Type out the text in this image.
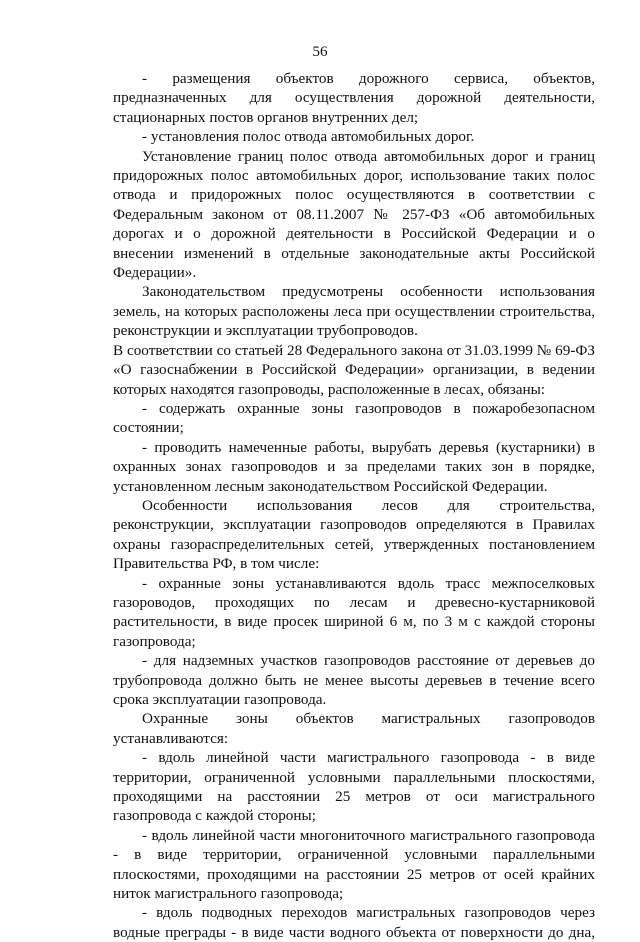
56

- размещения объектов дорожного сервиса, объектов, предназначенных для осуществления дорожной деятельности, стационарных постов органов внутренних дел;

- установления полос отвода автомобильных дорог.

Установление границ полос отвода автомобильных дорог и границ придорожных полос автомобильных дорог, использование таких полос отвода и придорожных полос осуществляются в соответствии с Федеральным законом от 08.11.2007 № 257-ФЗ «Об автомобильных дорогах и о дорожной деятельности в Российской Федерации и о внесении изменений в отдельные законодательные акты Российской Федерации».

Законодательством предусмотрены особенности использования земель, на которых расположены леса при осуществлении строительства, реконструкции и эксплуатации трубопроводов.

В соответствии со статьей 28 Федерального закона от 31.03.1999 № 69-ФЗ «О газоснабжении в Российской Федерации» организации, в ведении которых находятся газопроводы, расположенные в лесах, обязаны:

- содержать охранные зоны газопроводов в пожаробезопасном состоянии;

- проводить намеченные работы, вырубать деревья (кустарники) в охранных зонах газопроводов и за пределами таких зон в порядке, установленном лесным законодательством Российской Федерации.

Особенности использования лесов для строительства, реконструкции, эксплуатации газопроводов определяются в Правилах охраны газораспределительных сетей, утвержденных постановлением Правительства РФ, в том числе:

- охранные зоны устанавливаются вдоль трасс межпоселковых газороводов, проходящих по лесам и древесно-кустарниковой растительности, в виде просек шириной 6 м, по 3 м с каждой стороны газопровода;

- для надземных участков газопроводов расстояние от деревьев до трубопровода должно быть не менее высоты деревьев в течение всего срока эксплуатации газопровода.

Охранные зоны объектов магистральных газопроводов устанавливаются:

- вдоль линейной части магистрального газопровода - в виде территории, ограниченной условными параллельными плоскостями, проходящими на расстоянии 25 метров от оси магистрального газопровода с каждой стороны;

- вдоль линейной части многониточного магистрального газопровода - в виде территории, ограниченной условными параллельными плоскостями, проходящими на расстоянии 25 метров от осей крайних ниток магистрального газопровода;

- вдоль подводных переходов магистральных газопроводов через водные преграды - в виде части водного объекта от поверхности до дна,
